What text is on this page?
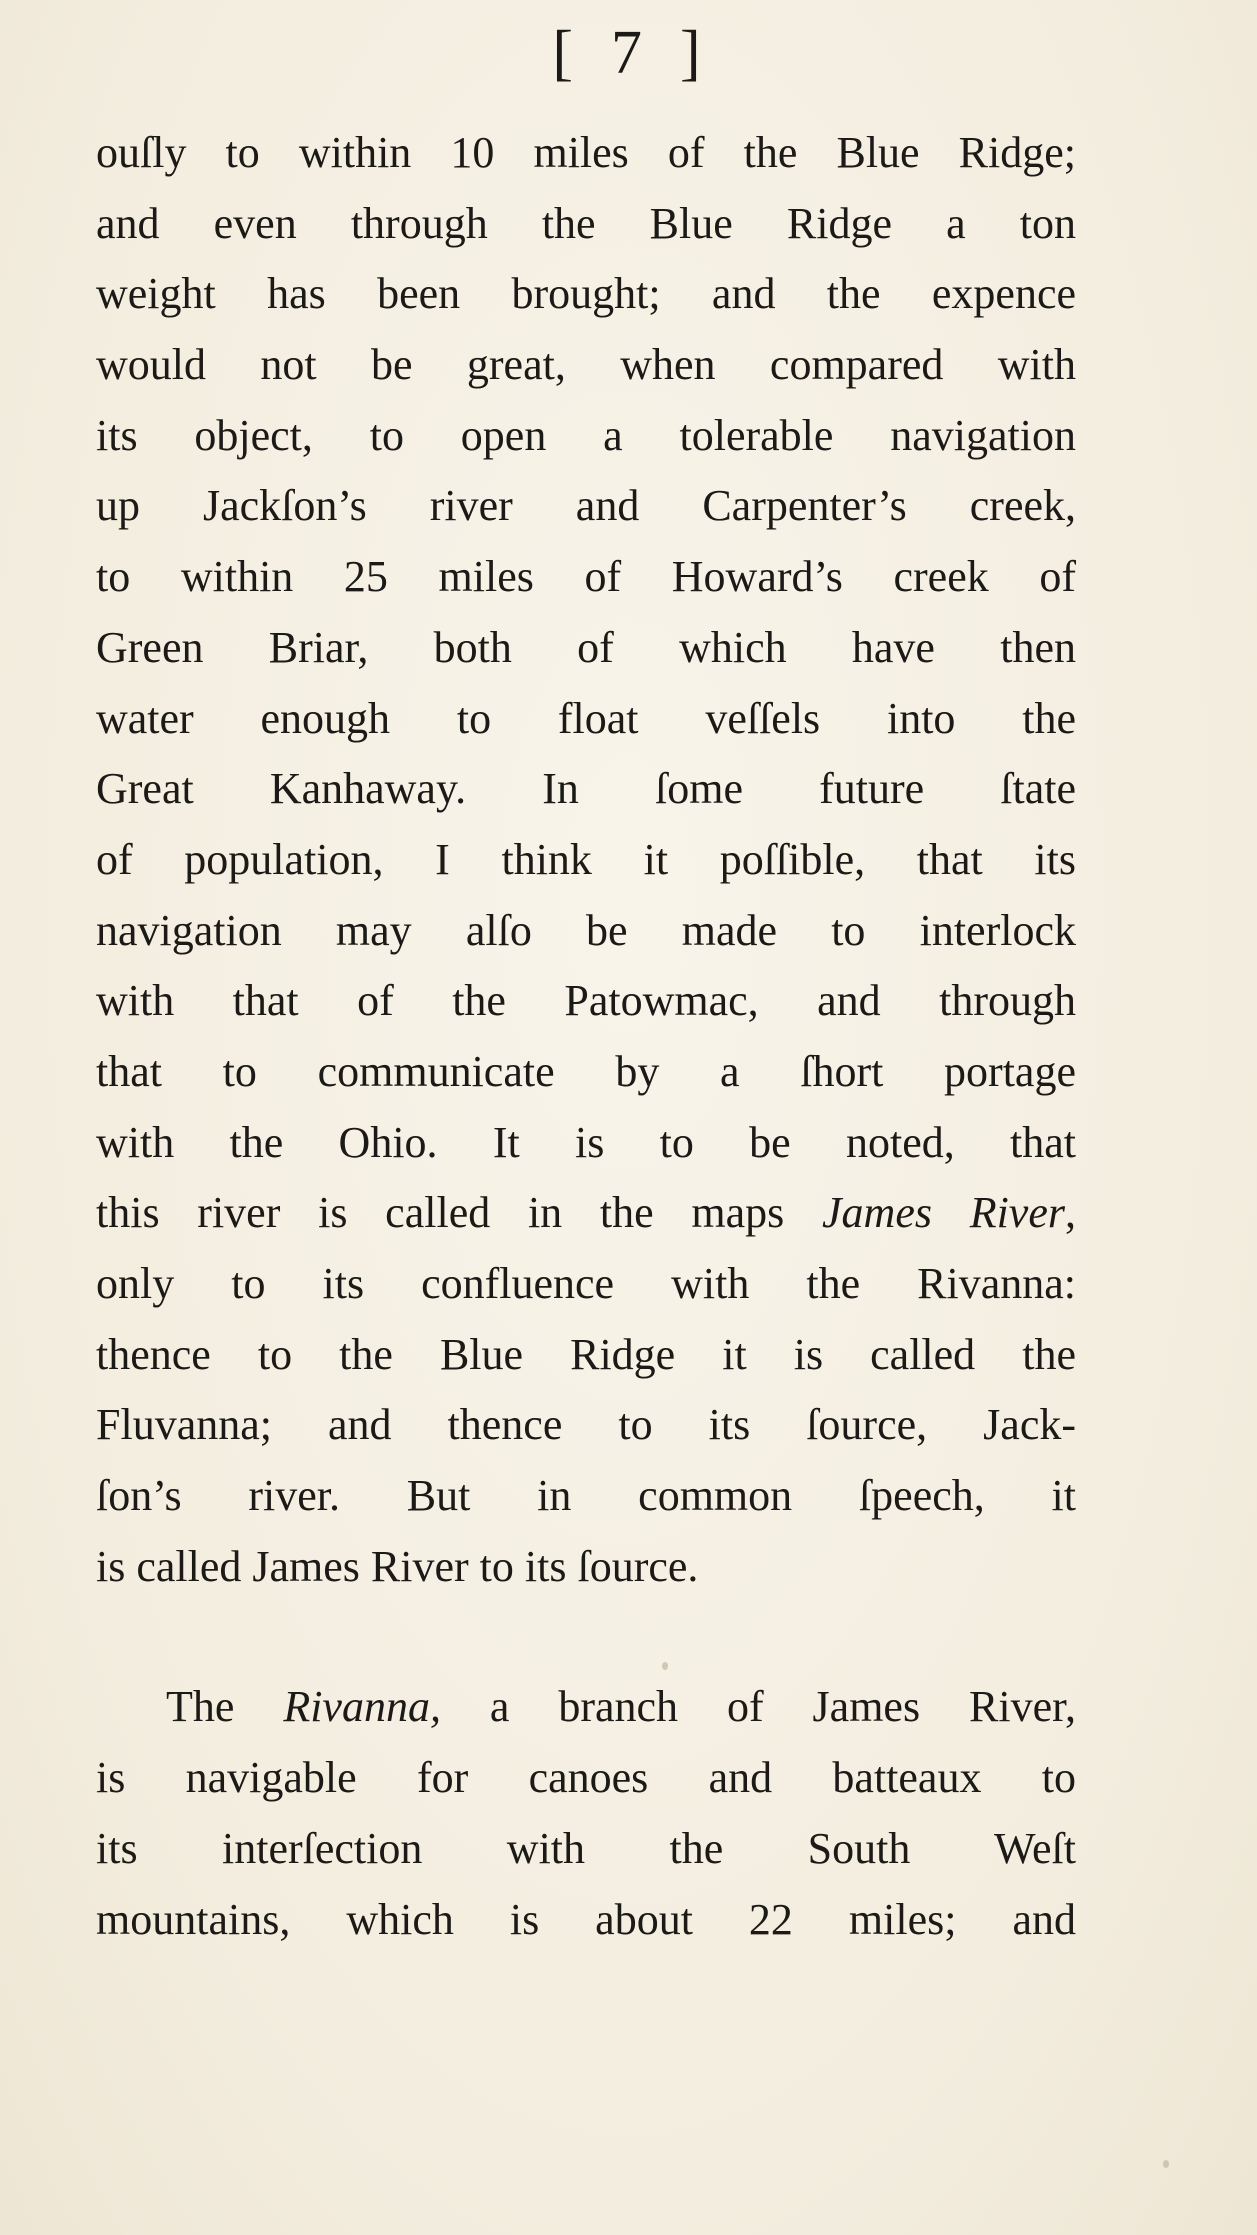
[ 7 ]
ouſly to within 10 miles of the Blue Ridge;
and even through the Blue Ridge a ton
weight has been brought; and the expence
would not be great, when compared with
its object, to open a tolerable navigation
up Jackſon’s river and Carpenter’s creek,
to within 25 miles of Howard’s creek of
Green Briar, both of which have then
water enough to float veſſels into the
Great Kanhaway. In ſome future ſtate
of population, I think it poſſible, that its
navigation may alſo be made to interlock
with that of the Patowmac, and through
that to communicate by a ſhort portage
with the Ohio. It is to be noted, that
this river is called in the maps James River,
only to its confluence with the Rivanna:
thence to the Blue Ridge it is called the
Fluvanna; and thence to its ſource, Jack-
ſon’s river. But in common ſpeech, it
is called James River to its ſource.
The Rivanna, a branch of James River,
is navigable for canoes and batteaux to
its interſection with the South Weſt
mountains, which is about 22 miles; and
